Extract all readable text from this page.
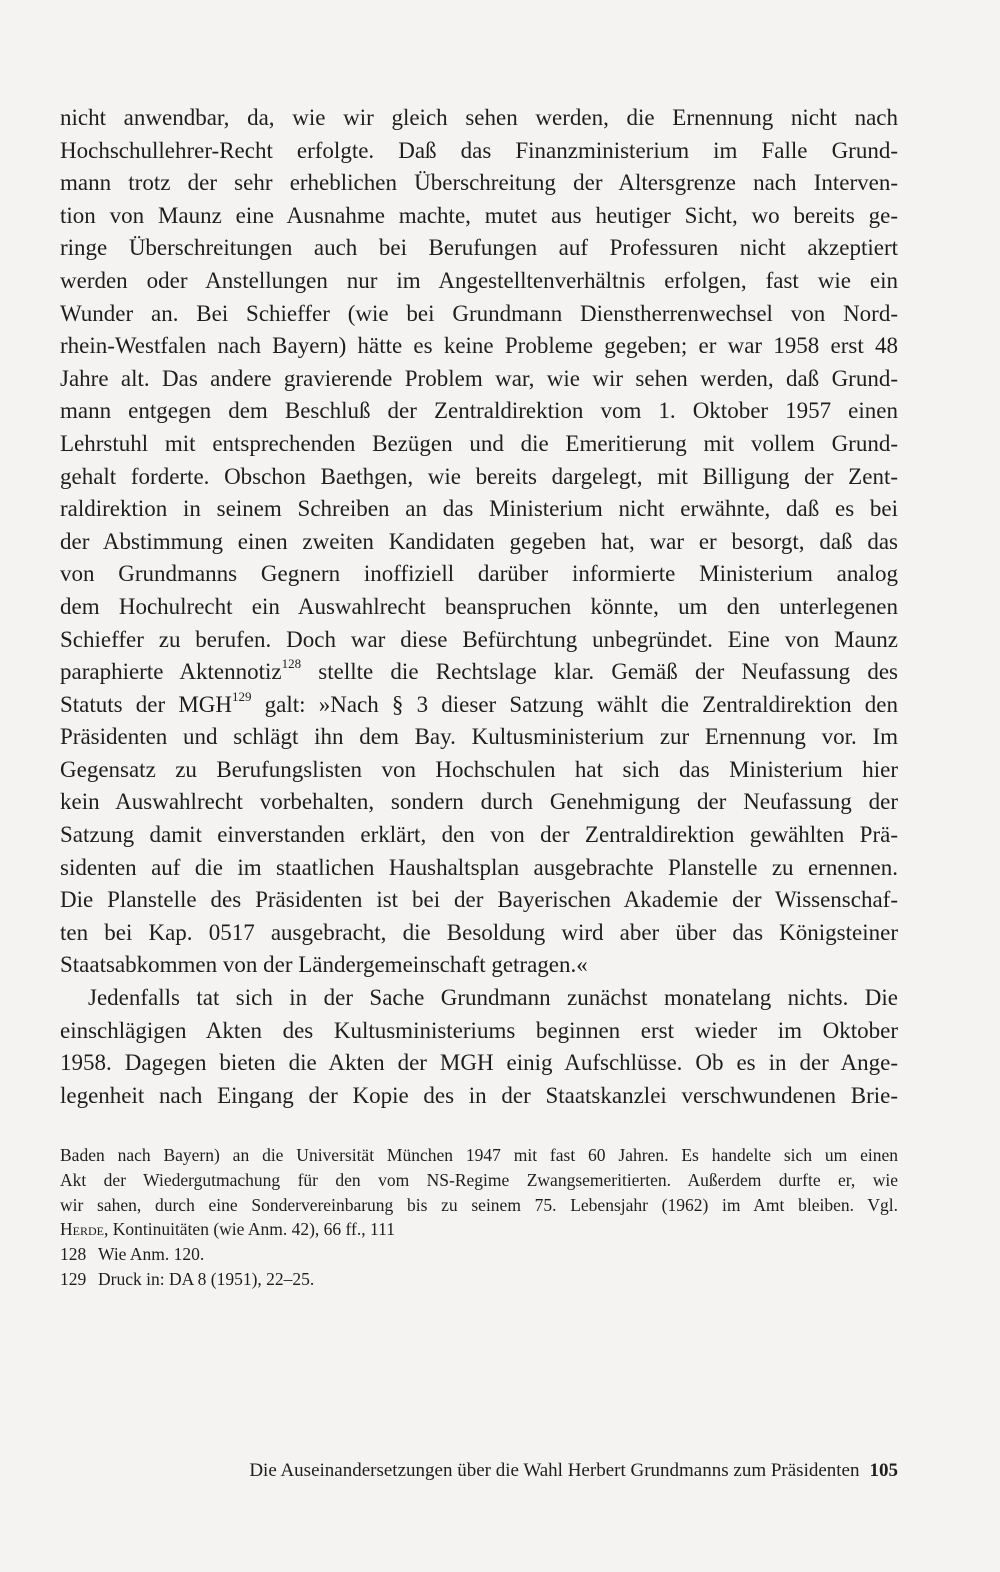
nicht anwendbar, da, wie wir gleich sehen werden, die Ernennung nicht nach
Hochschullehrer-Recht erfolgte. Daß das Finanzministerium im Falle Grund-
mann trotz der sehr erheblichen Überschreitung der Altersgrenze nach Interven-
tion von Maunz eine Ausnahme machte, mutet aus heutiger Sicht, wo bereits ge-
ringe Überschreitungen auch bei Berufungen auf Professuren nicht akzeptiert
werden oder Anstellungen nur im Angestelltenverhältnis erfolgen, fast wie ein
Wunder an. Bei Schieffer (wie bei Grundmann Dienstherrenwechsel von Nord-
rhein-Westfalen nach Bayern) hätte es keine Probleme gegeben; er war 1958 erst 48
Jahre alt. Das andere gravierende Problem war, wie wir sehen werden, daß Grund-
mann entgegen dem Beschluß der Zentraldirektion vom 1. Oktober 1957 einen
Lehrstuhl mit entsprechenden Bezügen und die Emeritierung mit vollem Grund-
gehalt forderte. Obschon Baethgen, wie bereits dargelegt, mit Billigung der Zent-
raldirektion in seinem Schreiben an das Ministerium nicht erwähnte, daß es bei
der Abstimmung einen zweiten Kandidaten gegeben hat, war er besorgt, daß das
von Grundmanns Gegnern inoffiziell darüber informierte Ministerium analog
dem Hochulrecht ein Auswahlrecht beanspruchen könnte, um den unterlegenen
Schieffer zu berufen. Doch war diese Befürchtung unbegründet. Eine von Maunz
paraphierte Aktennotiz$^{128}$ stellte die Rechtslage klar. Gemäß der Neufassung des
Statuts der MGH$^{129}$ galt: »Nach § 3 dieser Satzung wählt die Zentraldirektion den
Präsidenten und schlägt ihn dem Bay. Kultusministerium zur Ernennung vor. Im
Gegensatz zu Berufungslisten von Hochschulen hat sich das Ministerium hier
kein Auswahlrecht vorbehalten, sondern durch Genehmigung der Neufassung der
Satzung damit einverstanden erklärt, den von der Zentraldirektion gewählten Prä-
sidenten auf die im staatlichen Haushaltsplan ausgebrachte Planstelle zu ernennen.
Die Planstelle des Präsidenten ist bei der Bayerischen Akademie der Wissenschaf-
ten bei Kap. 0517 ausgebracht, die Besoldung wird aber über das Königsteiner
Staatsabkommen von der Ländergemeinschaft getragen.«
Jedenfalls tat sich in der Sache Grundmann zunächst monatelang nichts. Die
einschlägigen Akten des Kultusministeriums beginnen erst wieder im Oktober
1958. Dagegen bieten die Akten der MGH einig Aufschlüsse. Ob es in der Ange-
legenheit nach Eingang der Kopie des in der Staatskanzlei verschwundenen Brie-
Baden nach Bayern) an die Universität München 1947 mit fast 60 Jahren. Es handelte sich um einen
Akt der Wiedergutmachung für den vom NS-Regime Zwangsemeritierten. Außerdem durfte er, wie
wir sahen, durch eine Sondervereinbarung bis zu seinem 75. Lebensjahr (1962) im Amt bleiben. Vgl.
Herde, Kontinuitäten (wie Anm. 42), 66 ff., 111
128 Wie Anm. 120.
129 Druck in: DA 8 (1951), 22–25.
Die Auseinandersetzungen über die Wahl Herbert Grundmanns zum Präsidenten 105
